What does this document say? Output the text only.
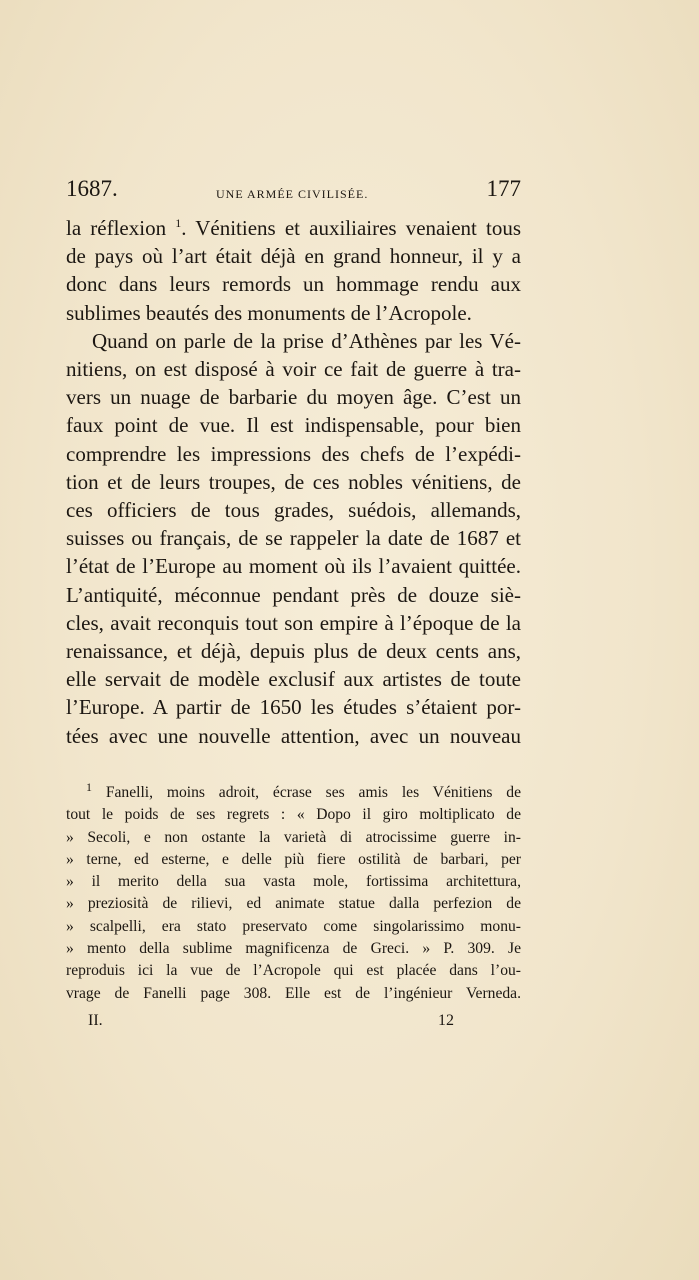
1687.	UNE ARMÉE CIVILISÉE.	177

la réflexion $^1$. Vénitiens et auxiliaires venaient tous
de pays où l’art était déjà en grand honneur, il y a
donc dans leurs remords un hommage rendu aux
sublimes beautés des monuments de l’Acropole.

Quand on parle de la prise d’Athènes par les Vé-
nitiens, on est disposé à voir ce fait de guerre à tra-
vers un nuage de barbarie du moyen âge. C’est un
faux point de vue. Il est indispensable, pour bien
comprendre les impressions des chefs de l’expédi-
tion et de leurs troupes, de ces nobles vénitiens, de
ces officiers de tous grades, suédois, allemands,
suisses ou français, de se rappeler la date de 1687 et
l’état de l’Europe au moment où ils l’avaient quittée.
L’antiquité, méconnue pendant près de douze siè-
cles, avait reconquis tout son empire à l’époque de la
renaissance, et déjà, depuis plus de deux cents ans,
elle servait de modèle exclusif aux artistes de toute
l’Europe. A partir de 1650 les études s’étaient por-
tées avec une nouvelle attention, avec un nouveau

$^1$ Fanelli, moins adroit, écrase ses amis les Vénitiens de
tout le poids de ses regrets : « Dopo il giro moltiplicato de
» Secoli, e non ostante la varietà di atrocissime guerre in-
» terne, ed esterne, e delle più fiere ostilità de barbari, per
» il merito della sua vasta mole, fortissima architettura,
» preziosità de rilievi, ed animate statue dalla perfezion de
» scalpelli, era stato preservato come singolarissimo monu-
» mento della sublime magnificenza de Greci. » P. 309. Je
reproduis ici la vue de l’Acropole qui est placée dans l’ou-
vrage de Fanelli page 308. Elle est de l’ingénieur Verneda.
II.	12
